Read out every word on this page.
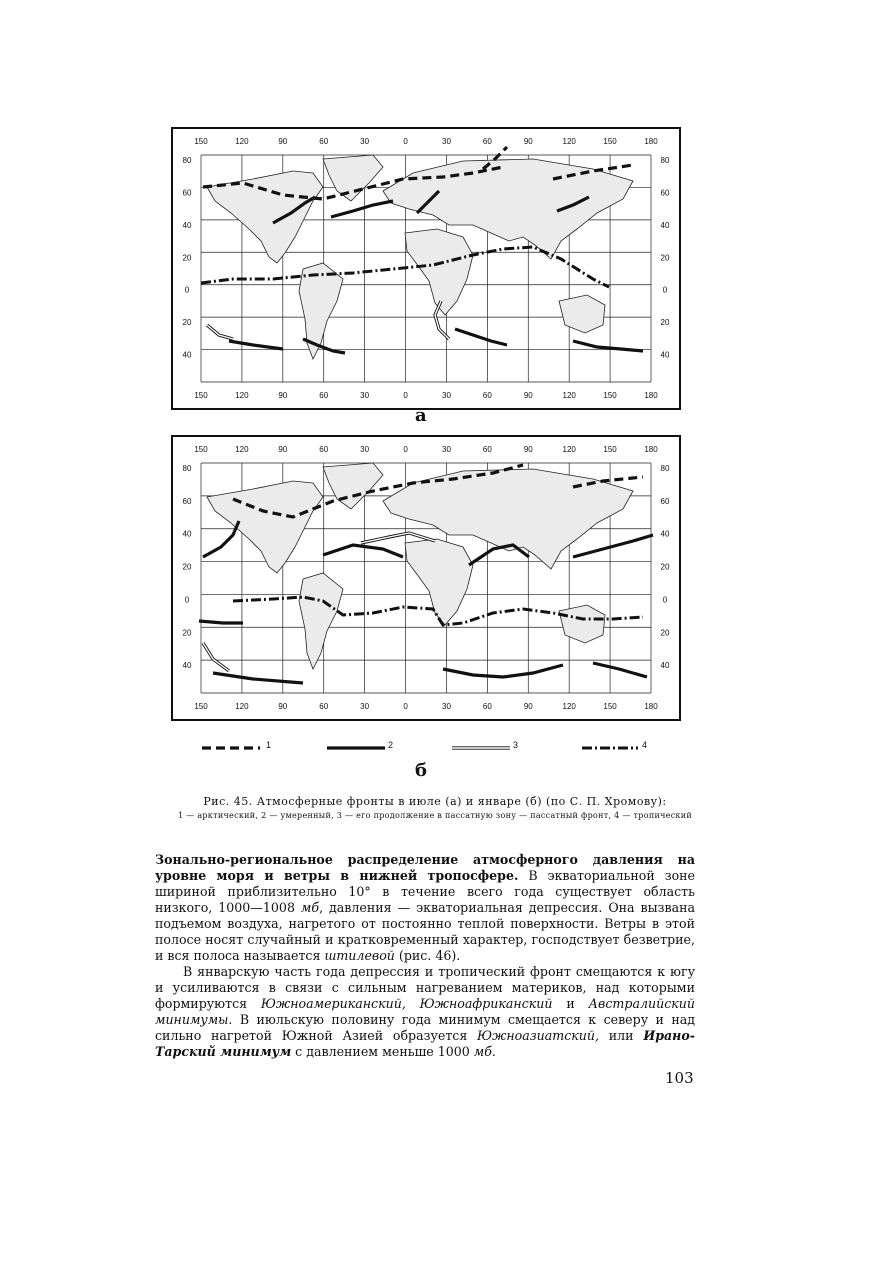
150
150
120
120
90
90
60
60
30
30
0
0
30
30
60
60
90
90
120
120
150
150
180
180
80	80
60	60
40	40
20	20
0	0
20	20
40	40
а
150
150
120
120
90
90
60
60
30
30
0
0
30
30
60
60
90
90
120
120
150
150
180
180
80	80
60	60
40	40
20	20
0	0
20	20
40	40
1	2	3	4
б
Рис. 45. Атмосферные фронты в июле (а) и январе (б) (по С. П. Хромову):
1 — арктический, 2 — умеренный, 3 — его продолжение в пассатную зону — пассатный фронт, 4 — тропический

Зонально-региональное распределение атмосферного давления на уровне моря и ветры в нижней тропосфере. В экваториальной зоне шириной приблизительно 10° в течение всего года существует область низкого, 1000—1008 мб, давления — экваториальная депрессия. Она вызвана подъемом воздуха, нагретого от постоянно теплой поверхности. Ветры в этой полосе носят случайный и кратковременный характер, господствует безветрие, и вся полоса называется штилевой (рис. 46).

В январскую часть года депрессия и тропический фронт смещаются к югу и усиливаются в связи с сильным нагреванием материков, над которыми формируются Южноамериканский, Южноафриканский и Австралийский минимумы. В июльскую половину года минимум смещается к северу и над сильно нагретой Южной Азией образуется Южноазиатский, или Ирано-Тарский минимум с давлением меньше 1000 мб.

103
